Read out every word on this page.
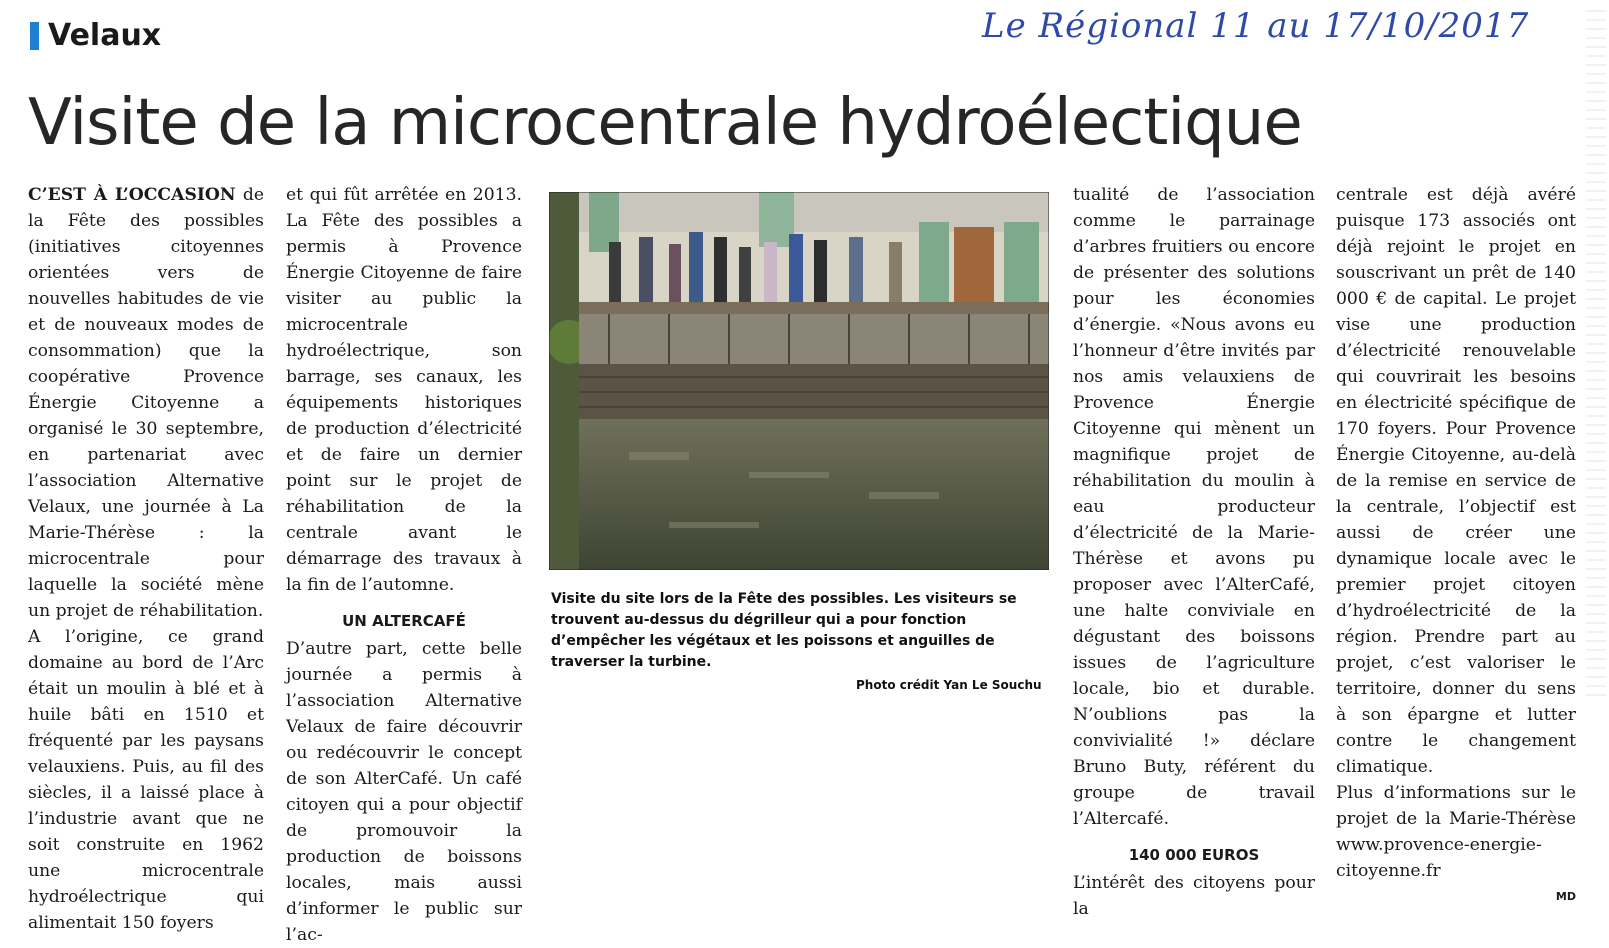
Velaux	Le Régional 11 au 17/10/2017
Visite de la microcentrale hydroélectique

C’EST À L’OCCASION de la Fête des possibles (initiatives citoyennes orientées vers de nouvelles habitudes de vie et de nouveaux modes de consommation) que la coopérative Provence Énergie Citoyenne a organisé le 30 septembre, en partenariat avec l’association Alternative Velaux, une journée à La Marie-Thérèse : la microcentrale pour laquelle la société mène un projet de réhabilitation.

A l’origine, ce grand domaine au bord de l’Arc était un moulin à blé et à huile bâti en 1510 et fréquenté par les paysans velauxiens. Puis, au fil des siècles, il a laissé place à l’industrie avant que ne soit construite en 1962 une microcentrale hydroélectrique qui alimentait 150 foyers

et qui fût arrêtée en 2013. La Fête des possibles a permis à Provence Énergie Citoyenne de faire visiter au public la microcentrale hydroélectrique, son barrage, ses canaux, les équipements historiques de production d’électricité et de faire un dernier point sur le projet de réhabilitation de la centrale avant le démarrage des travaux à la fin de l’automne.

UN ALTERCAFÉ

D’autre part, cette belle journée a permis à l’association Alternative Velaux de faire découvrir ou redécouvrir le concept de son AlterCafé. Un café citoyen qui a pour objectif de promouvoir la production de boissons locales, mais aussi d’informer le public sur l’ac-

Visite du site lors de la Fête des possibles. Les visiteurs se trouvent au-dessus du dégrilleur qui a pour fonction d’empêcher les végétaux et les poissons et anguilles de traverser la turbine.
Photo crédit Yan Le Souchu

tualité de l’association comme le parrainage d’arbres fruitiers ou encore de présenter des solutions pour les économies d’énergie. «Nous avons eu l’honneur d’être invités par nos amis velauxiens de Provence Énergie Citoyenne qui mènent un magnifique projet de réhabilitation du moulin à eau producteur d’électricité de la Marie-Thérèse et avons pu proposer avec l’AlterCafé, une halte conviviale en dégustant des boissons issues de l’agriculture locale, bio et durable. N’oublions pas la convivialité !» déclare Bruno Buty, référent du groupe de travail l’Altercafé.

140 000 EUROS

L’intérêt des citoyens pour la

centrale est déjà avéré puisque 173 associés ont déjà rejoint le projet en souscrivant un prêt de 140 000 € de capital. Le projet vise une production d’électricité renouvelable qui couvrirait les besoins en électricité spécifique de 170 foyers. Pour Provence Énergie Citoyenne, au-delà de la remise en service de la centrale, l’objectif est aussi de créer une dynamique locale avec le premier projet citoyen d’hydroélectricité de la région. Prendre part au projet, c’est valoriser le territoire, donner du sens à son épargne et lutter contre le changement climatique.

Plus d’informations sur le projet de la Marie-Thérèse www.provence-energie-citoyenne.fr

MD
